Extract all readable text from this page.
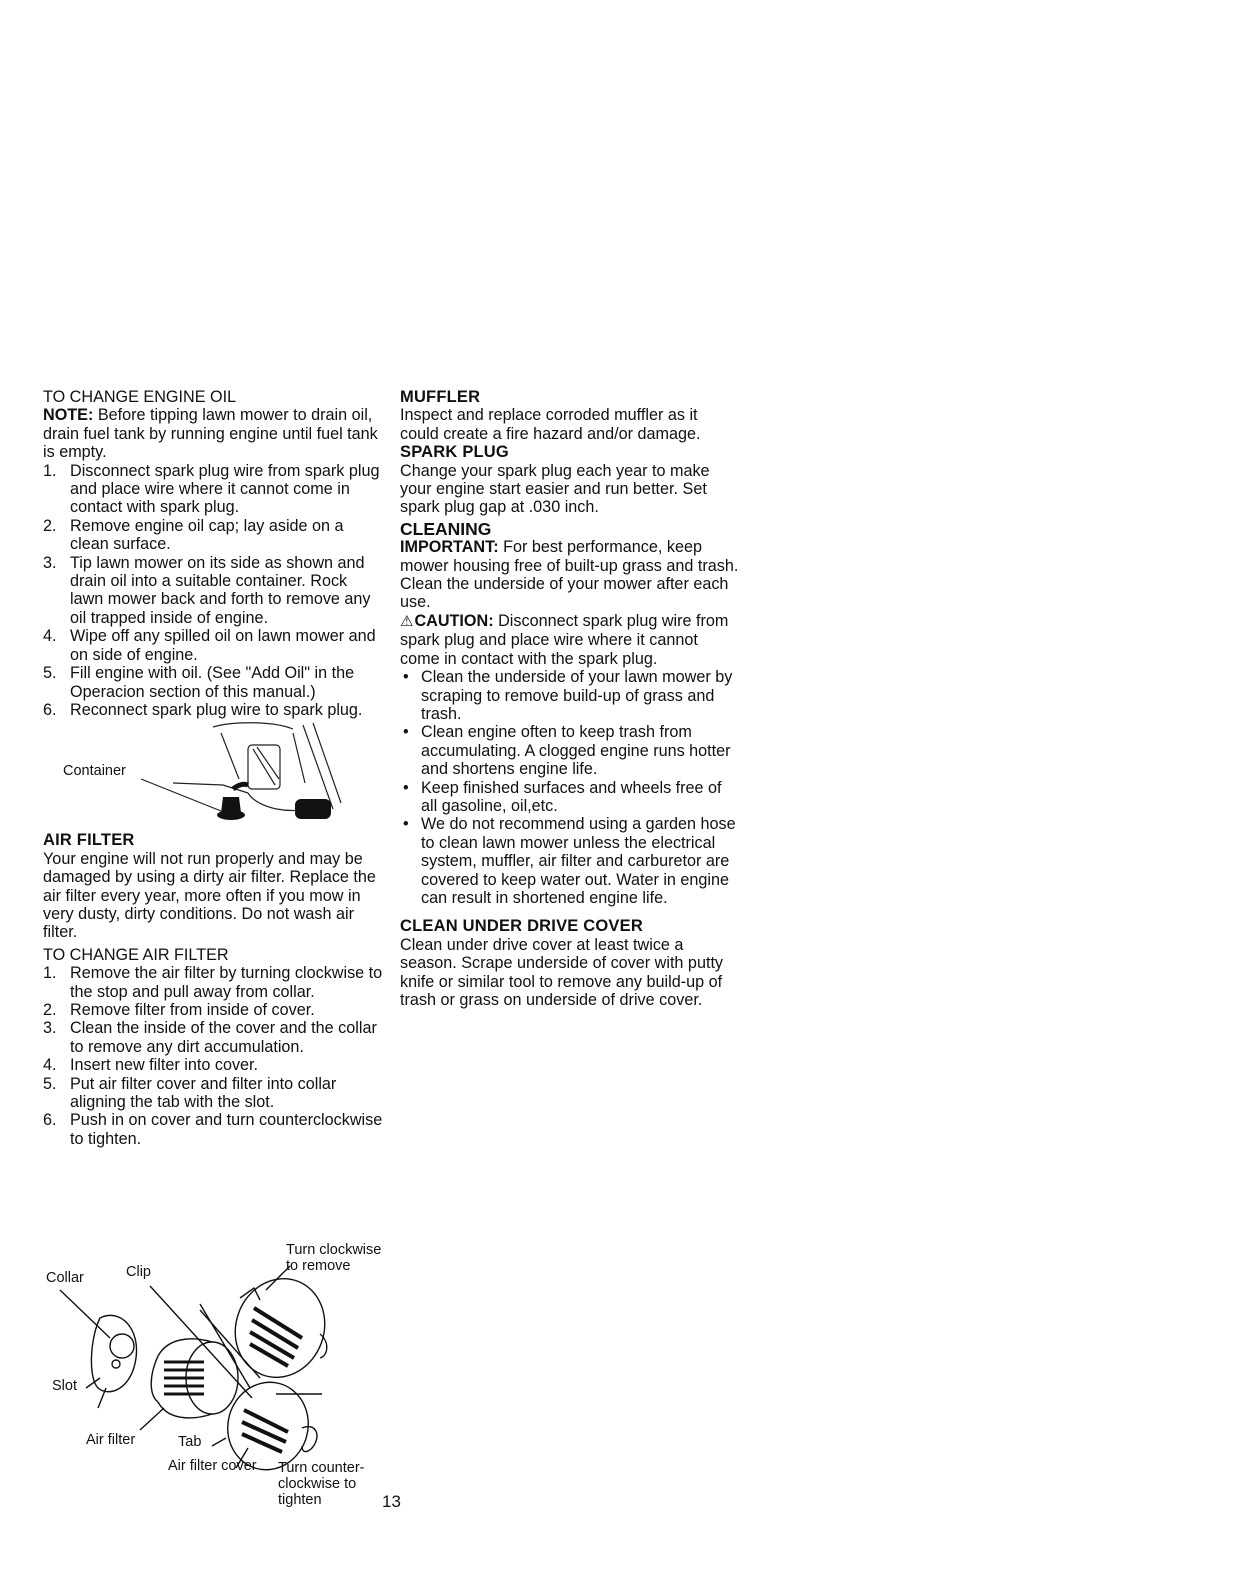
TO CHANGE ENGINE OIL

NOTE: Before tipping lawn mower to drain oil, drain fuel tank by running engine until fuel tank is empty.

1. Disconnect spark plug wire from spark plug and place wire where it cannot come in contact with spark plug.
2. Remove engine oil cap; lay aside on a clean surface.
3. Tip lawn mower on its side as shown and drain oil into a suitable container. Rock lawn mower back and forth to remove any oil trapped inside of engine.
4. Wipe off any spilled oil on lawn mower and on side of engine.
5. Fill engine with oil. (See "Add Oil" in the Operacion section of this manual.)
6. Reconnect spark plug wire to spark plug.
Container
AIR FILTER

Your engine will not run properly and may be damaged by using a dirty air filter. Replace the air filter every year, more often if you mow in very dusty, dirty conditions. Do not wash air filter.

TO CHANGE AIR FILTER
1. Remove the air filter by turning clockwise to the stop and pull away from collar.
2. Remove filter from inside of cover.
3. Clean the inside of the cover and the collar to remove any dirt accumulation.
4. Insert new filter into cover.
5. Put air filter cover and filter into collar aligning the tab with the slot.
6. Push in on cover and turn counterclockwise to tighten.
Collar	Clip
Turn clockwise to remove
Slot
Air filter	Tab
Air filter cover Turn counter-clockwise to tighten	13
MUFFLER

Inspect and replace corroded muffler as it could create a fire hazard and/or damage.

SPARK PLUG

Change your spark plug each year to make your engine start easier and run better. Set spark plug gap at .030 inch.

CLEANING

IMPORTANT: For best performance, keep mower housing free of built-up grass and trash. Clean the underside of your mower after each use.

⚠CAUTION: Disconnect spark plug wire from spark plug and place wire where it cannot come in contact with the spark plug.

• Clean the underside of your lawn mower by scraping to remove build-up of grass and trash.
• Clean engine often to keep trash from accumulating. A clogged engine runs hotter and shortens engine life.
• Keep finished surfaces and wheels free of all gasoline, oil,etc.
• We do not recommend using a garden hose to clean lawn mower unless the electrical system, muffler, air filter and carburetor are covered to keep water out. Water in engine can result in shortened engine life.
CLEAN UNDER DRIVE COVER

Clean under drive cover at least twice a season. Scrape underside of cover with putty knife or similar tool to remove any build-up of trash or grass on underside of drive cover.
